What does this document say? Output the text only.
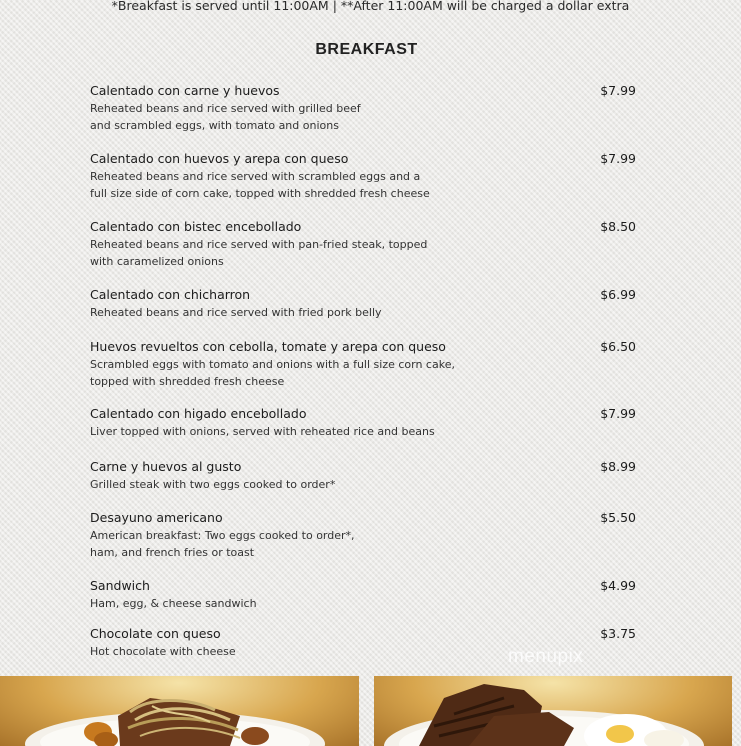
*Breakfast is served until 11:00AM | **After 11:00AM will be charged a dollar extra
BREAKFAST
Calentado con carne y huevos
Reheated beans and rice served with grilled beef
and scrambled eggs, with tomato and onions
$7.99
Calentado con huevos y arepa con queso
Reheated beans and rice served with scrambled eggs and a
full size side of corn cake, topped with shredded fresh cheese
$7.99
Calentado con bistec encebollado
Reheated beans and rice served with pan-fried steak, topped
with caramelized onions
$8.50
Calentado con chicharron
Reheated beans and rice served with fried pork belly
$6.99
Huevos revueltos con cebolla, tomate y arepa con queso
Scrambled eggs with tomato and onions with a full size corn cake,
topped with shredded fresh cheese
$6.50
Calentado con higado encebollado
Liver topped with onions, served with reheated rice and beans
$7.99
Carne y huevos al gusto
Grilled steak with two eggs cooked to order*
$8.99
Desayuno americano
American breakfast: Two eggs cooked to order*,
ham, and french fries or toast
$5.50
Sandwich
Ham, egg, & cheese sandwich
$4.99
Chocolate con queso
Hot chocolate with cheese
$3.75
menupix
